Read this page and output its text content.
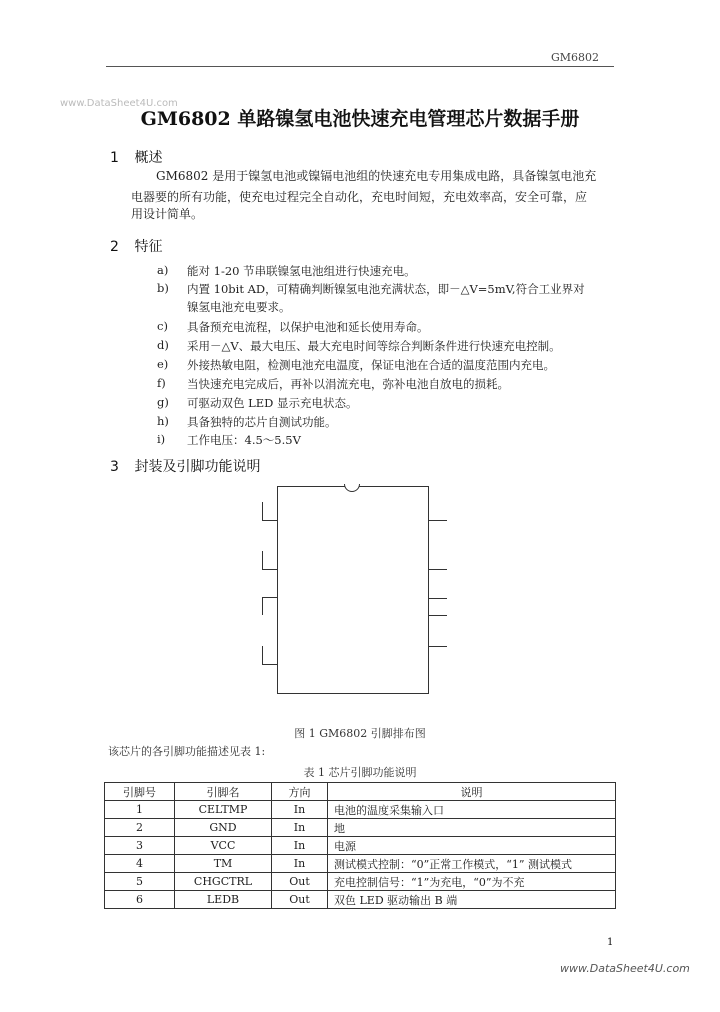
GM6802
www.DataSheet4U.com
GM6802 单路镍氢电池快速充电管理芯片数据手册
1 概述
GM6802 是用于镍氢电池或镍镉电池组的快速充电专用集成电路，具备镍氢电池充
电器要的所有功能，使充电过程完全自动化，充电时间短，充电效率高，安全可靠，应
用设计简单。
2 特征
a) 能对 1-20 节串联镍氢电池组进行快速充电。
b) 内置 10bit AD，可精确判断镍氢电池充满状态，即－△V=5mV,符合工业界对
镍氢电池充电要求。
c) 具备预充电流程，以保护电池和延长使用寿命。
d) 采用－△V、最大电压、最大充电时间等综合判断条件进行快速充电控制。
e) 外接热敏电阻，检测电池充电温度，保证电池在合适的温度范围内充电。
f) 当快速充电完成后，再补以涓流充电，弥补电池自放电的损耗。
g) 可驱动双色 LED 显示充电状态。
h) 具备独特的芯片自测试功能。
i) 工作电压：4.5～5.5V
3 封装及引脚功能说明
图 1 GM6802 引脚排布图
该芯片的各引脚功能描述见表 1:
表 1 芯片引脚功能说明
引脚号	引脚名	方向	说明
1	CELTMP	In	电池的温度采集输入口
2	GND	In	地
3	VCC	In	电源
4	TM	In	测试模式控制：“0”正常工作模式，“1” 测试模式
5	CHGCTRL	Out	充电控制信号：“1”为充电，“0”为不充
6	LEDB	Out	双色 LED 驱动输出 B 端
1
www.DataSheet4U.com
